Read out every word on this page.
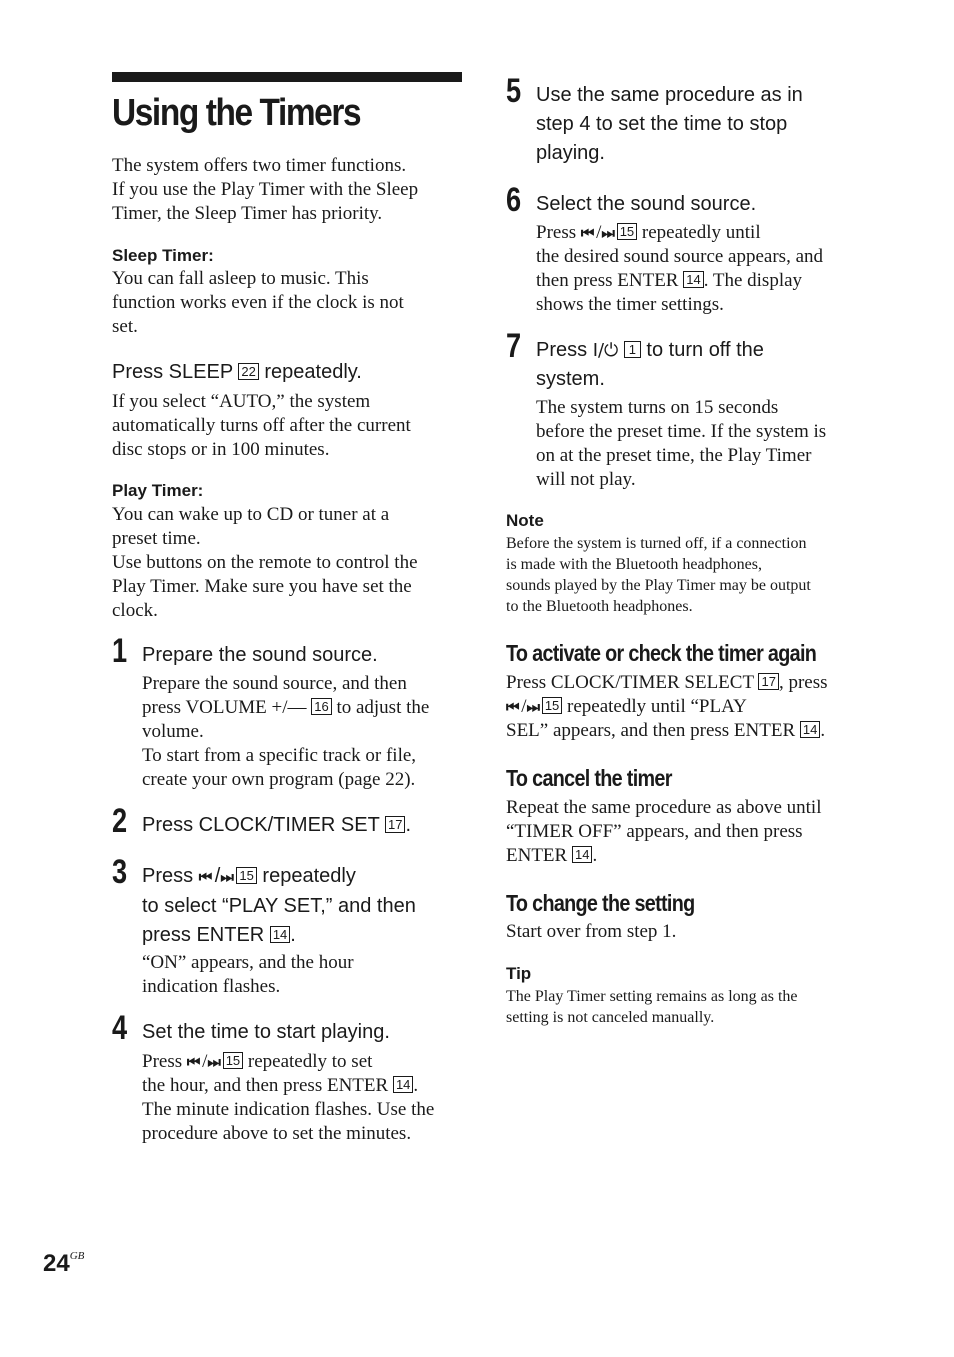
Using the Timers
The system offers two timer functions.
If you use the Play Timer with the Sleep
Timer, the Sleep Timer has priority.
Sleep Timer:
You can fall asleep to music. This
function works even if the clock is not
set.
Press SLEEP 22 repeatedly.
If you select “AUTO,” the system
automatically turns off after the current
disc stops or in 100 minutes.
Play Timer:
You can wake up to CD or tuner at a
preset time.
Use buttons on the remote to control the
Play Timer. Make sure you have set the
clock.
1 Prepare the sound source.
Prepare the sound source, and then
press VOLUME +/— 16 to adjust the
volume.
To start from a specific track or file,
create your own program (page 22).
2 Press CLOCK/TIMER SET 17 .
3 Press ⏮ /⏭ 15 repeatedly
to select “PLAY SET,” and then
press ENTER 14 .
“ON” appears, and the hour
indication flashes.
4 Set the time to start playing.
Press ⏮ /⏭ 15 repeatedly to set
the hour, and then press ENTER 14 .
The minute indication flashes. Use the
procedure above to set the minutes.
5 Use the same procedure as in
step 4 to set the time to stop
playing.
6 Select the sound source.
Press ⏮ /⏭ 15 repeatedly until
the desired sound source appears, and
then press ENTER 14 . The display
shows the timer settings.
7 Press I/⏻ 1 to turn off the
system.
The system turns on 15 seconds
before the preset time. If the system is
on at the preset time, the Play Timer
will not play.
Note
Before the system is turned off, if a connection
is made with the Bluetooth headphones,
sounds played by the Play Timer may be output
to the Bluetooth headphones.
To activate or check the timer again
Press CLOCK/TIMER SELECT 17 , press
⏮ /⏭ 15 repeatedly until “PLAY
SEL” appears, and then press ENTER 14 .
To cancel the timer
Repeat the same procedure as above until
“TIMER OFF” appears, and then press
ENTER 14 .
To change the setting
Start over from step 1.
Tip
The Play Timer setting remains as long as the
setting is not canceled manually.
$24^{GB}$
